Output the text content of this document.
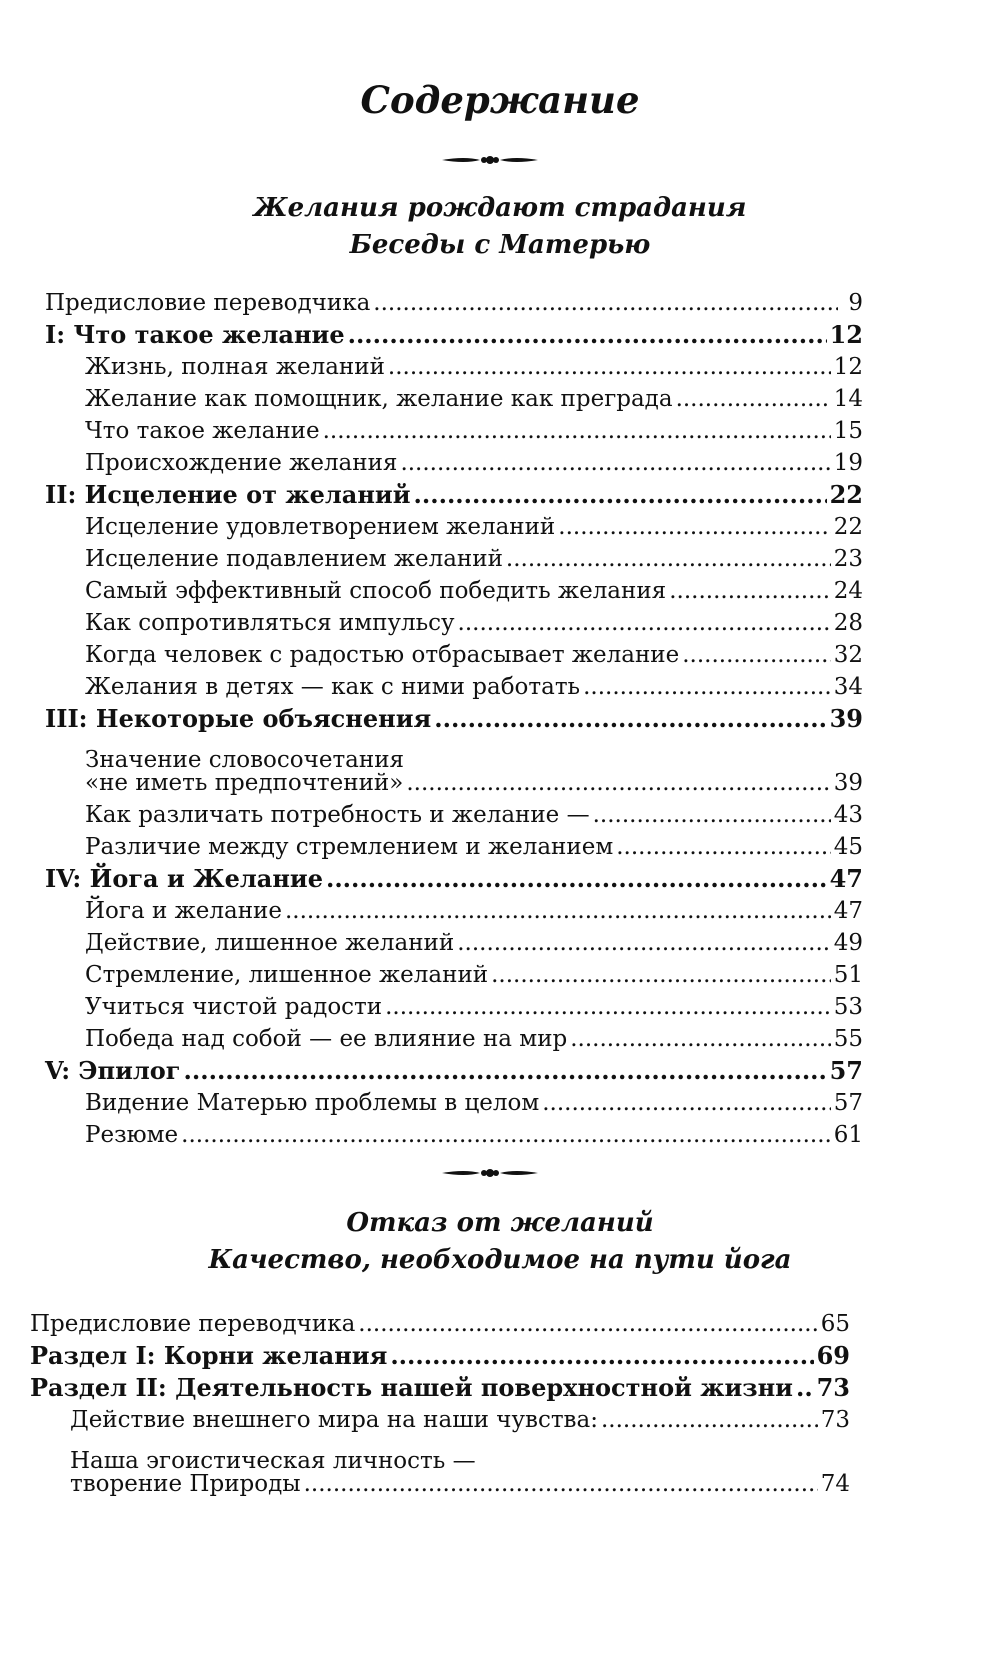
Содержание
Желания рождают страдания
Беседы с Матерью
Предисловие переводчика .....	9
I: Что такое желание .....	12
Жизнь, полная желаний .....	12
Желание как помощник, желание как преграда .....	14
Что такое желание .....	15
Происхождение желания .....	19
II: Исцеление от желаний .....	22
Исцеление удовлетворением желаний .....	22
Исцеление подавлением желаний .....	23
Самый эффективный способ победить желания .....	24
Как сопротивляться импульсу .....	28
Когда человек с радостью отбрасывает желание .....	32
Желания в детях — как с ними работать .....	34
III: Некоторые объяснения .....	39
Значение словосочетания
«не иметь предпочтений» .....	39
Как различать потребность и желание — .....	43
Различие между стремлением и желанием .....	45
IV: Йога и Желание .....	47
Йога и желание .....	47
Действие, лишенное желаний .....	49
Стремление, лишенное желаний .....	51
Учиться чистой радости .....	53
Победа над собой — ее влияние на мир .....	55
V: Эпилог .....	57
Видение Матерью проблемы в целом .....	57
Резюме .....	61
Отказ от желаний
Качество, необходимое на пути йога
Предисловие переводчика .....	65
Раздел I: Корни желания .....	69
Раздел II: Деятельность нашей поверхностной жизни ..... 73
Действие внешнего мира на наши чувства: .....	73
Наша эгоистическая личность —
творение Природы .....	74
